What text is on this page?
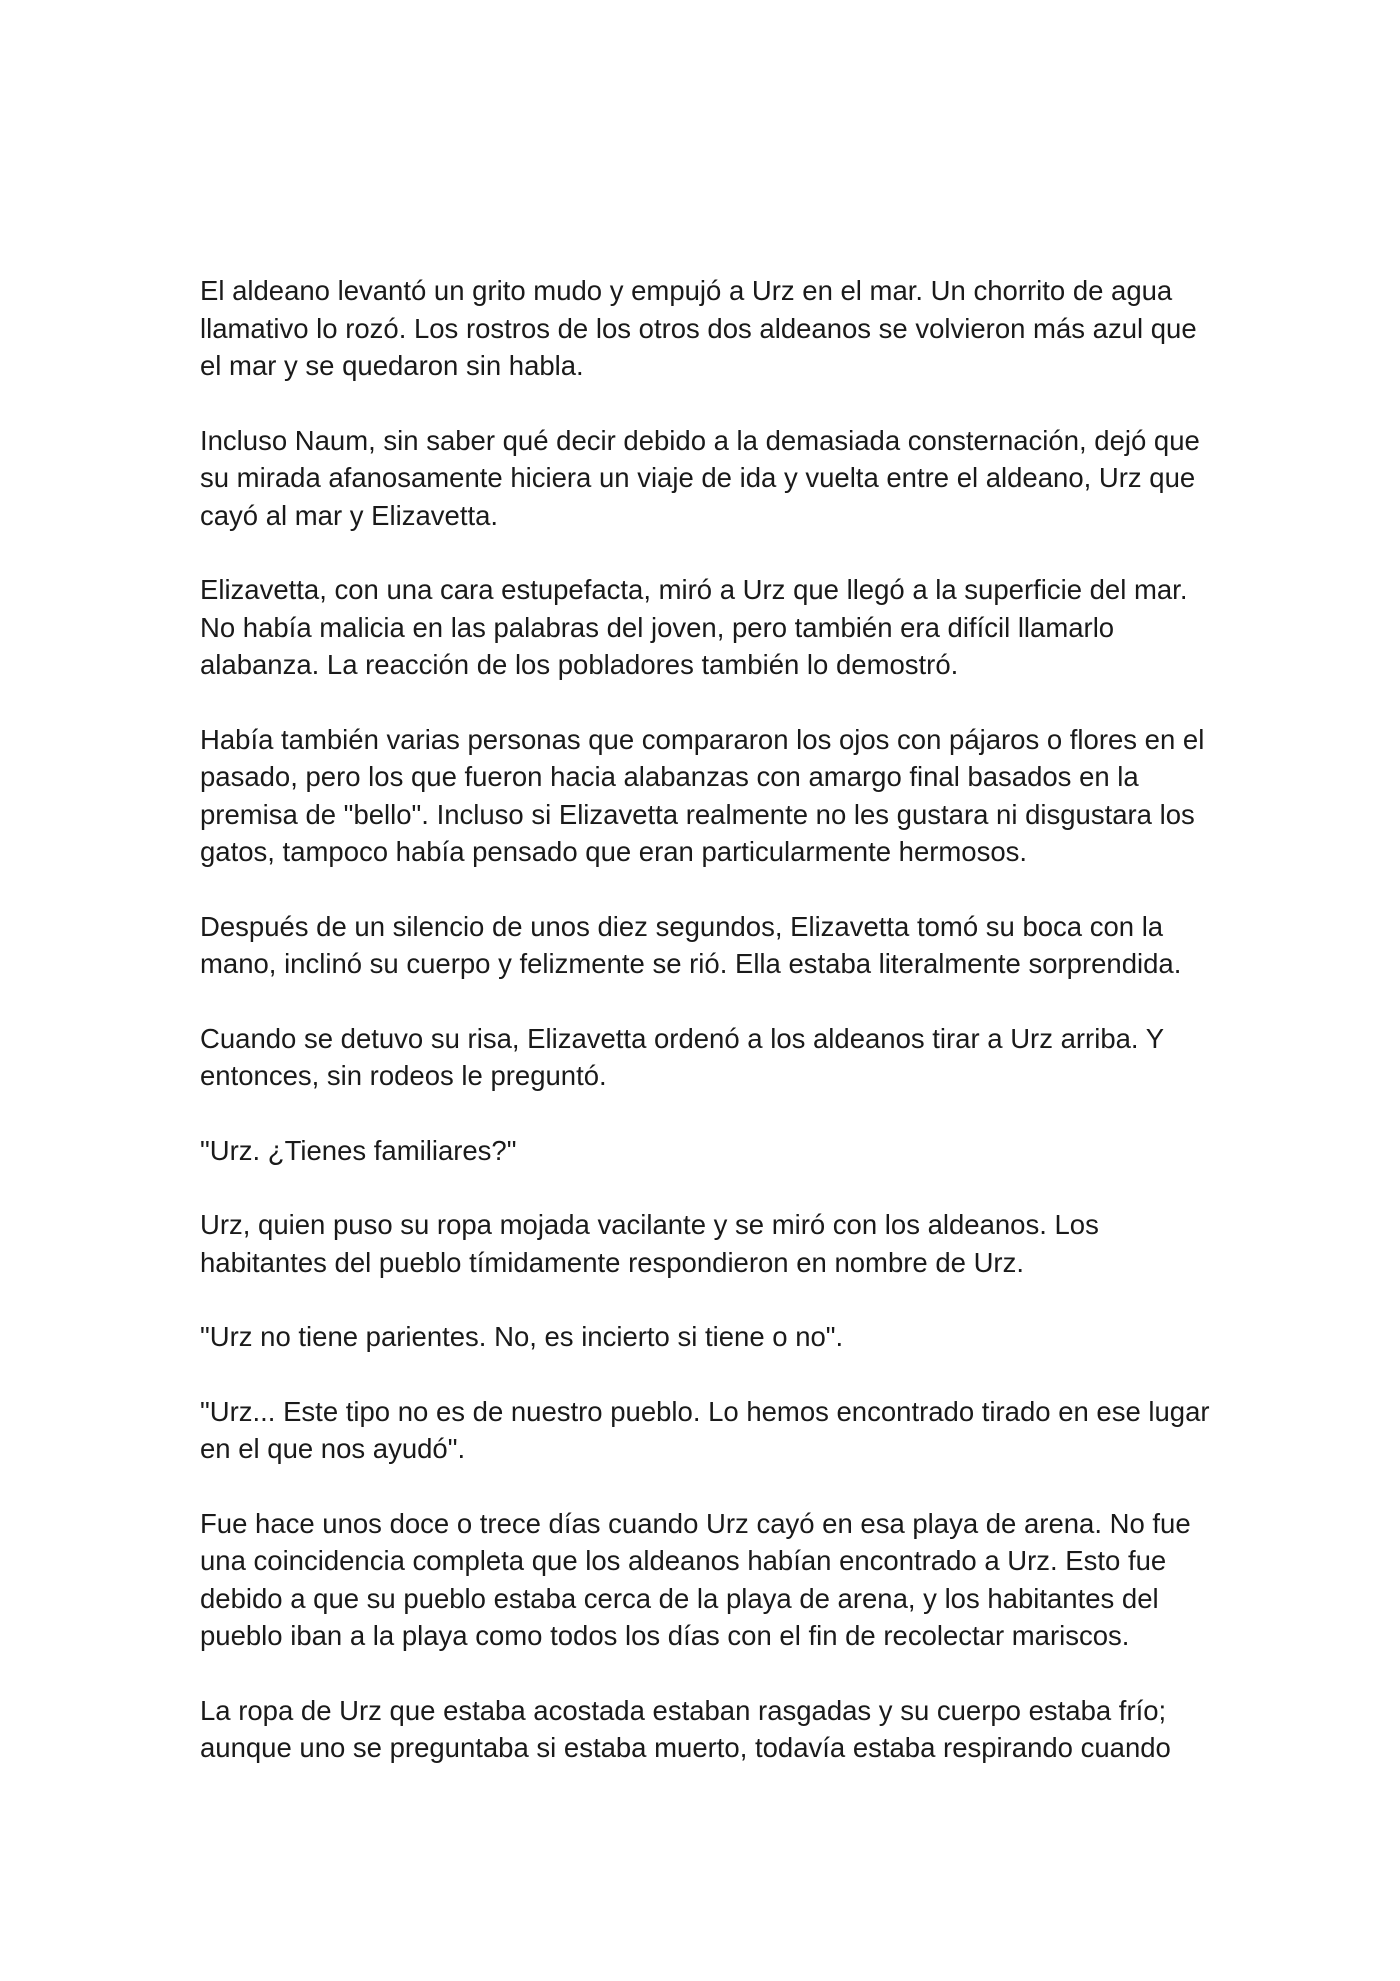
El aldeano levantó un grito mudo y empujó a Urz en el mar. Un chorrito de agua llamativo lo rozó. Los rostros de los otros dos aldeanos se volvieron más azul que el mar y se quedaron sin habla.

Incluso Naum, sin saber qué decir debido a la demasiada consternación, dejó que su mirada afanosamente hiciera un viaje de ida y vuelta entre el aldeano, Urz que cayó al mar y Elizavetta.

Elizavetta, con una cara estupefacta, miró a Urz que llegó a la superficie del mar. No había malicia en las palabras del joven, pero también era difícil llamarlo alabanza. La reacción de los pobladores también lo demostró.

Había también varias personas que compararon los ojos con pájaros o flores en el pasado, pero los que fueron hacia alabanzas con amargo final basados en la premisa de "bello". Incluso si Elizavetta realmente no les gustara ni disgustara los gatos, tampoco había pensado que eran particularmente hermosos.

Después de un silencio de unos diez segundos, Elizavetta tomó su boca con la mano, inclinó su cuerpo y felizmente se rió. Ella estaba literalmente sorprendida.

Cuando se detuvo su risa, Elizavetta ordenó a los aldeanos tirar a Urz arriba. Y entonces, sin rodeos le preguntó.

"Urz. ¿Tienes familiares?"

Urz, quien puso su ropa mojada vacilante y se miró con los aldeanos. Los habitantes del pueblo tímidamente respondieron en nombre de Urz.

"Urz no tiene parientes. No, es incierto si tiene o no".

"Urz... Este tipo no es de nuestro pueblo. Lo hemos encontrado tirado en ese lugar en el que nos ayudó".

Fue hace unos doce o trece días cuando Urz cayó en esa playa de arena. No fue una coincidencia completa que los aldeanos habían encontrado a Urz. Esto fue debido a que su pueblo estaba cerca de la playa de arena, y los habitantes del pueblo iban a la playa como todos los días con el fin de recolectar mariscos.

La ropa de Urz que estaba acostada estaban rasgadas y su cuerpo estaba frío; aunque uno se preguntaba si estaba muerto, todavía estaba respirando cuando
